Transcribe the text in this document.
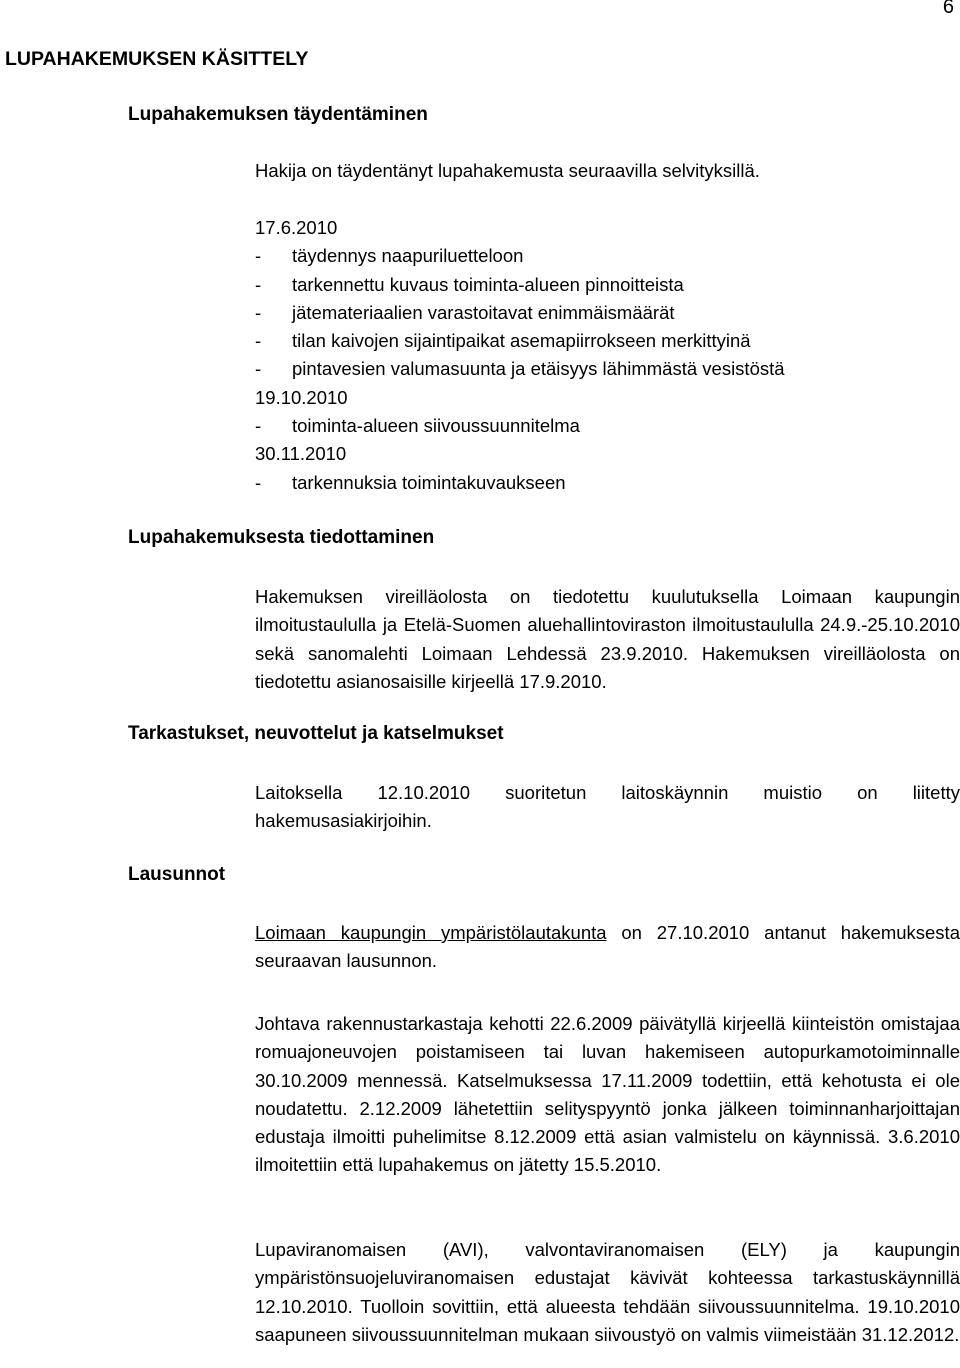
6
LUPAHAKEMUKSEN KÄSITTELY
Lupahakemuksen täydentäminen
Hakija on täydentänyt lupahakemusta seuraavilla selvityksillä.
17.6.2010
- täydennys naapuriluetteloon
- tarkennettu kuvaus toiminta-alueen pinnoitteista
- jätemateriaalien varastoitavat enimmäismäärät
- tilan kaivojen sijaintipaikat asemapiirrokseen merkittyinä
- pintavesien valumasuunta ja etäisyys lähimmästä vesistöstä
19.10.2010
- toiminta-alueen siivoussuunnitelma
30.11.2010
- tarkennuksia toimintakuvaukseen
Lupahakemuksesta tiedottaminen
Hakemuksen vireilläolosta on tiedotettu kuulutuksella Loimaan kaupungin ilmoitustaululla ja Etelä-Suomen aluehallintoviraston ilmoitustaululla 24.9.-25.10.2010 sekä sanomalehti Loimaan Lehdessä 23.9.2010. Hakemuksen vireilläolosta on tiedotettu asianosaisille kirjeellä 17.9.2010.
Tarkastukset, neuvottelut ja katselmukset
Laitoksella 12.10.2010 suoritetun laitoskäynnin muistio on liitetty hakemusasiakirjoihin.
Lausunnot
Loimaan kaupungin ympäristölautakunta on 27.10.2010 antanut hakemuksesta seuraavan lausunnon.
Johtava rakennustarkastaja kehotti 22.6.2009 päivätyllä kirjeellä kiinteistön omistajaa romuajoneuvojen poistamiseen tai luvan hakemiseen autopurkamotoiminnalle 30.10.2009 mennessä. Katselmuksessa 17.11.2009 todettiin, että kehotusta ei ole noudatettu. 2.12.2009 lähetettiin selityspyyntö jonka jälkeen toiminnanharjoittajan edustaja ilmoitti puhelimitse 8.12.2009 että asian valmistelu on käynnissä. 3.6.2010 ilmoitettiin että lupahakemus on jätetty 15.5.2010.
Lupaviranomaisen (AVI), valvontaviranomaisen (ELY) ja kaupungin ympäristönsuojeluviranomaisen edustajat kävivät kohteessa tarkastuskäynnillä 12.10.2010. Tuolloin sovittiin, että alueesta tehdään siivoussuunnitelma. 19.10.2010 saapuneen siivoussuunnitelman mukaan siivoustyö on valmis viimeistään 31.12.2012.
